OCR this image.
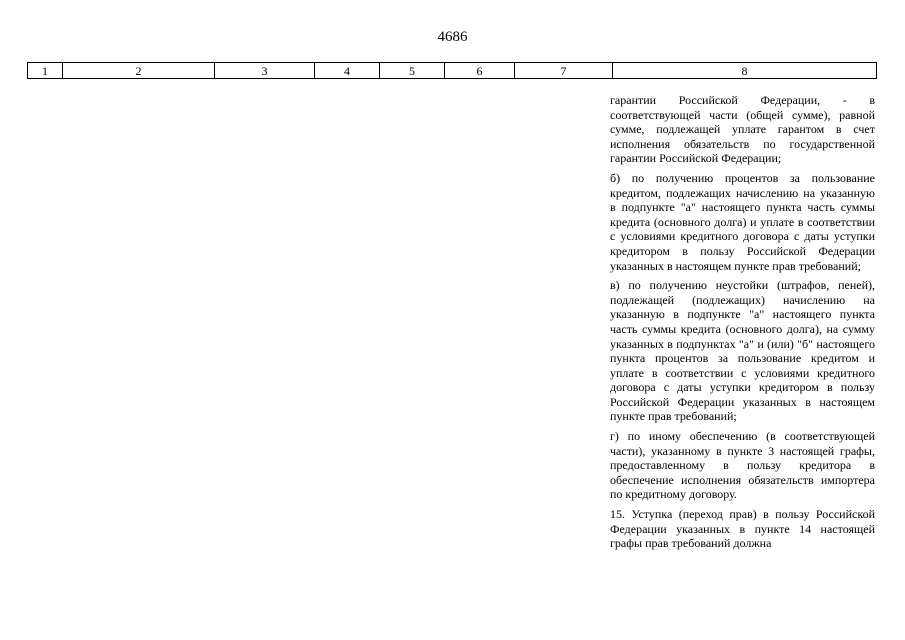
4686
1	2	3	4	5	6	7	8

гарантии Российской Федерации, - в соответствующей части (общей сумме), равной сумме, подлежащей уплате гарантом в счет исполнения обязательств по государственной гарантии Российской Федерации;

б) по получению процентов за пользование кредитом, подлежащих начислению на указанную в подпункте "а" настоящего пункта часть суммы кредита (основного долга) и уплате в соответствии с условиями кредитного договора с даты уступки кредитором в пользу Российской Федерации указанных в настоящем пункте прав требований;

в) по получению неустойки (штрафов, пеней), подлежащей (подлежащих) начислению на указанную в подпункте "а" настоящего пункта часть суммы кредита (основного долга), на сумму указанных в подпунктах "а" и (или) "б" настоящего пункта процентов за пользование кредитом и уплате в соответствии с условиями кредитного договора с даты уступки кредитором в пользу Российской Федерации указанных в настоящем пункте прав требований;

г) по иному обеспечению (в соответствующей части), указанному в пункте 3 настоящей графы, предоставленному в пользу кредитора в обеспечение исполнения обязательств импортера по кредитному договору.

15. Уступка (переход прав) в пользу Российской Федерации указанных в пункте 14 настоящей графы прав требований должна
